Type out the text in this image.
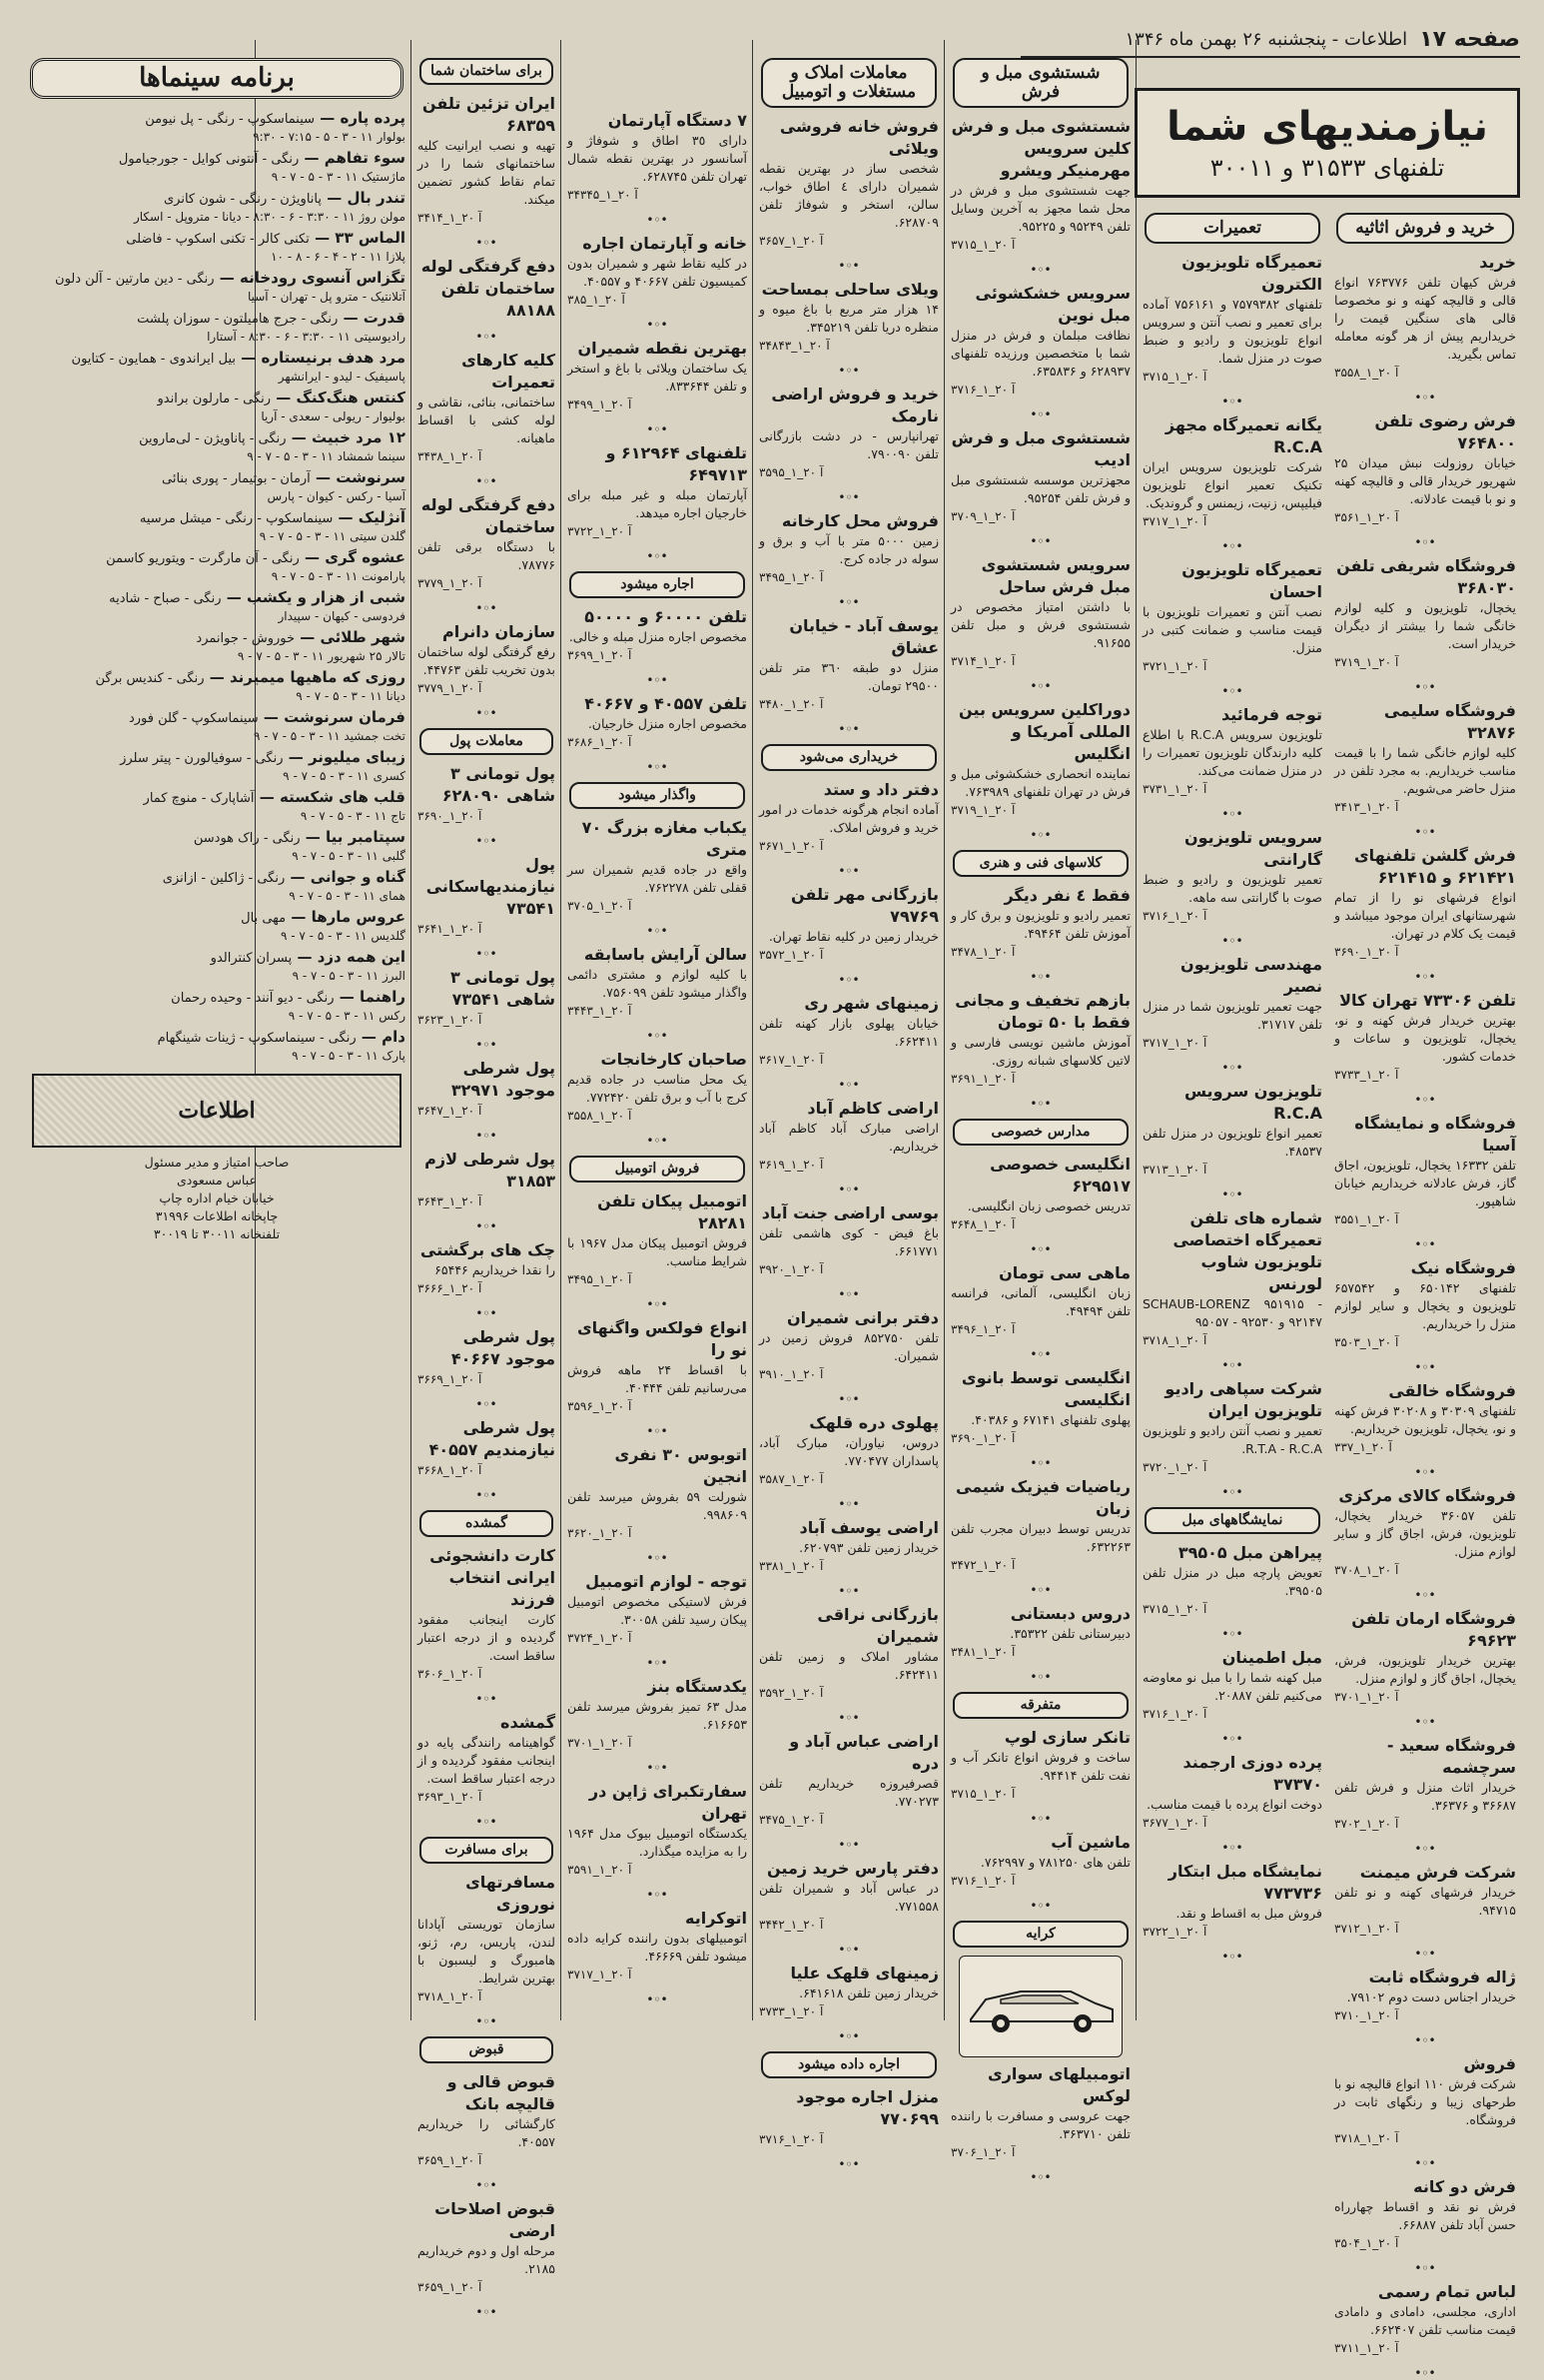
صفحه ۱۷
اطلاعات - پنجشنبه ۲۶ بهمن ماه ۱۳۴۶
نیازمندیهای شما
تلفنهای ۳۱۵۳۳ و ۳۰۰۱۱
خرید و فروش اثاثیه
خرید
فرش کیهان تلفن ۷۶۳۷۷۶ انواع قالی و قالیچه کهنه و نو مخصوصا قالی های سنگین قیمت را خریداریم پیش از هر گونه معامله تماس بگیرید.
۳۵۵۸_آ ۲۰_۱
•◦•
فرش رضوی تلفن ۷۶۴۸۰۰
خیابان روزولت نبش میدان ۲۵ شهریور خریدار قالی و قالیچه کهنه و نو با قیمت عادلانه.
۳۵۶۱_آ ۲۰_۱
•◦•
فروشگاه شریفی تلفن ۳۶۸۰۳۰
یخچال، تلویزیون و کلیه لوازم خانگی شما را بیشتر از دیگران خریدار است.
۳۷۱۹_آ ۲۰_۱
•◦•
فروشگاه سلیمی ۳۲۸۷۶
کلیه لوازم خانگی شما را با قیمت مناسب خریداریم. به مجرد تلفن در منزل حاضر می‌شویم.
۳۴۱۳_آ ۲۰_۱
•◦•
فرش گلشن تلفنهای ۶۲۱۴۲۱ و ۶۲۱۴۱۵
انواع فرشهای نو را از تمام شهرستانهای ایران موجود میباشد و قیمت یک کلام در تهران.
۳۶۹۰_آ ۲۰_۱
•◦•
تلفن ۷۳۳۰۶ تهران کالا
بهترین خریدار فرش کهنه و نو، یخچال، تلویزیون و ساعات و خدمات کشور.
۳۷۳۳_آ ۲۰_۱
•◦•
فروشگاه و نمایشگاه آسیا
تلفن ۱۶۳۳۲ یخچال، تلویزیون، اجاق گاز، فرش عادلانه خریداریم خیابان شاهپور.
۳۵۵۱_آ ۲۰_۱
•◦•
فروشگاه نیک
تلفنهای ۶۵۰۱۴۲ و ۶۵۷۵۴۲ تلویزیون و یخچال و سایر لوازم منزل را خریداریم.
۳۵۰۳_آ ۲۰_۱
•◦•
فروشگاه خالقی
تلفنهای ۳۰۳۰۹ و ۳۰۲۰۸ فرش کهنه و نو، یخچال، تلویزیون خریداریم.
۳۳۷_آ ۲۰_۱
•◦•
فروشگاه کالای مرکزی
تلفن ۳۶۰۵۷ خریدار یخچال، تلویزیون، فرش، اجاق گاز و سایر لوازم منزل.
۳۷۰۸_آ ۲۰_۱
•◦•
فروشگاه ارمان تلفن ۶۹۶۲۳
بهترین خریدار تلویزیون، فرش، یخچال، اجاق گاز و لوازم منزل.
۳۷۰۱_آ ۲۰_۱
•◦•
فروشگاه سعید - سرچشمه
خریدار اثاث منزل و فرش تلفن ۳۶۶۸۷ و ۳۶۳۷۶.
۳۷۰۲_آ ۲۰_۱
•◦•
شرکت فرش میمنت
خریدار فرشهای کهنه و نو تلفن ۹۴۷۱۵.
۳۷۱۲_آ ۲۰_۱
•◦•
ژاله فروشگاه ثابت
خریدار اجناس دست دوم ۷۹۱۰۲.
۳۷۱۰_آ ۲۰_۱
•◦•
فروش
شرکت فرش ۱۱۰ انواع قالیچه نو با طرحهای زیبا و رنگهای ثابت در فروشگاه.
۳۷۱۸_آ ۲۰_۱
•◦•
فرش دو کانه
فرش نو نقد و اقساط چهارراه حسن آباد تلفن ۶۶۸۸۷.
۳۵۰۴_آ ۲۰_۱
•◦•
لباس تمام رسمی
اداری، مجلسی، دامادی و دامادی قیمت مناسب تلفن ۶۶۲۴۰۷.
۳۷۱۱_آ ۲۰_۱
•◦•
تعمیرات
تعمیرگاه تلویزیون الکترون
تلفنهای ۷۵۷۹۳۸۲ و ۷۵۶۱۶۱ آماده برای تعمیر و نصب آنتن و سرویس انواع تلویزیون و رادیو و ضبط صوت در منزل شما.
۳۷۱۵_آ ۲۰_۱
•◦•
یگانه تعمیرگاه مجهز R.C.A
شرکت تلویزیون سرویس ایران تکنیک تعمیر انواع تلویزیون فیلیپس، زنیت، زیمنس و گروندیک.
۳۷۱۷_آ ۲۰_۱
•◦•
تعمیرگاه تلویزیون احسان
نصب آنتن و تعمیرات تلویزیون با قیمت مناسب و ضمانت کتبی در منزل.
۳۷۲۱_آ ۲۰_۱
•◦•
توجه فرمائید
تلویزیون سرویس R.C.A با اطلاع کلیه دارندگان تلویزیون تعمیرات را در منزل ضمانت می‌کند.
۳۷۳۱_آ ۲۰_۱
•◦•
سرویس تلویزیون گارانتی
تعمیر تلویزیون و رادیو و ضبط صوت با گارانتی سه ماهه.
۳۷۱۶_آ ۲۰_۱
•◦•
مهندسی تلویزیون نصیر
جهت تعمیر تلویزیون شما در منزل تلفن ۳۱۷۱۷.
۳۷۱۷_آ ۲۰_۱
•◦•
تلویزیون سرویس R.C.A
تعمیر انواع تلویزیون در منزل تلفن ۴۸۵۳۷.
۳۷۱۳_آ ۲۰_۱
•◦•
شماره های تلفن تعمیرگاه اختصاصی تلویزیون شاوب لورنس
SCHAUB-LORENZ ۹۵۱۹۱۵ - ۹۲۱۴۷ و ۹۲۵۳۰ - ۹۵۰۵۷
۳۷۱۸_آ ۲۰_۱
•◦•
شرکت سپاهی رادیو تلویزیون ایران
تعمیر و نصب آنتن رادیو و تلویزیون R.T.A - R.C.A.
۳۷۲۰_آ ۲۰_۱
•◦•
نمایشگاههای مبل
پیراهن مبل ۳۹۵۰۵
تعویض پارچه مبل در منزل تلفن ۳۹۵۰۵.
۳۷۱۵_آ ۲۰_۱
•◦•
مبل اطمینان
مبل کهنه شما را با مبل نو معاوضه می‌کنیم تلفن ۲۰۸۸۷.
۳۷۱۶_آ ۲۰_۱
•◦•
پرده دوزی ارجمند ۳۷۳۷۰
دوخت انواع پرده با قیمت مناسب.
۳۶۷۷_آ ۲۰_۱
•◦•
نمایشگاه مبل ابتکار ۷۷۳۷۳۶
فروش مبل به اقساط و نقد.
۳۷۲۲_آ ۲۰_۱
•◦•
شستشوی مبل و فرش
شستشوی مبل و فرش کلین سرویس مهرمنیکر ویشرو
جهت شستشوی مبل و فرش در محل شما مجهز به آخرین وسایل تلفن ۹۵۲۴۹ و ۹۵۲۲۵.
۳۷۱۵_آ ۲۰_۱
•◦•
سرویس خشکشوئی مبل نوین
نظافت مبلمان و فرش در منزل شما با متخصصین ورزیده تلفنهای ۶۲۸۹۳۷ و ۶۳۵۸۳۶.
۳۷۱۶_آ ۲۰_۱
•◦•
شستشوی مبل و فرش ادیب
مجهزترین موسسه شستشوی مبل و فرش تلفن ۹۵۲۵۴.
۳۷۰۹_آ ۲۰_۱
•◦•
سرویس شستشوی مبل فرش ساحل
با داشتن امتیاز مخصوص در شستشوی فرش و مبل تلفن ۹۱۶۵۵.
۳۷۱۴_آ ۲۰_۱
•◦•
دوراکلین سرویس بین المللی آمریکا و انگلیس
نماینده انحصاری خشکشوئی مبل و فرش در تهران تلفنهای ۷۶۳۹۸۹.
۳۷۱۹_آ ۲۰_۱
•◦•
کلاسهای فنی و هنری
فقط ٤ نفر دیگر
تعمیر رادیو و تلویزیون و برق کار و آموزش تلفن ۴۹۴۶۴.
۳۴۷۸_آ ۲۰_۱
•◦•
بازهم تخفیف و مجانی فقط با ۵۰ تومان
آموزش ماشین نویسی فارسی و لاتین کلاسهای شبانه روزی.
۳۶۹۱_آ ۲۰_۱
•◦•
مدارس خصوصی
انگلیسی خصوصی ۶۲۹۵۱۷
تدریس خصوصی زبان انگلیسی.
۳۶۴۸_آ ۲۰_۱
•◦•
ماهی سی تومان
زبان انگلیسی، آلمانی، فرانسه تلفن ۴۹۴۹۴.
۳۴۹۶_آ ۲۰_۱
•◦•
انگلیسی توسط بانوی انگلیسی
پهلوی تلفنهای ۶۷۱۴۱ و ۴۰۳۸۶.
۳۶۹۰_آ ۲۰_۱
•◦•
ریاضیات فیزیک شیمی زبان
تدریس توسط دبیران مجرب تلفن ۶۳۲۲۶۳.
۳۴۷۲_آ ۲۰_۱
•◦•
دروس دبستانی
دبیرستانی تلفن ۳۵۳۲۲.
۳۴۸۱_آ ۲۰_۱
•◦•
متفرقه
تانکر سازی لوپ
ساخت و فروش انواع تانکر آب و نفت تلفن ۹۴۴۱۴.
۳۷۱۵_آ ۲۰_۱
•◦•
ماشین آب
تلفن های ۷۸۱۲۵۰ و ۷۶۲۹۹۷.
۳۷۱۶_آ ۲۰_۱
•◦•
کرایه
اتومبیلهای سواری لوکس
جهت عروسی و مسافرت با راننده تلفن ۳۶۳۷۱۰.
۳۷۰۶_آ ۲۰_۱
•◦•
معاملات املاک و مستغلات و اتومبیل
فروش خانه فروشی ویلائی
شخصی ساز در بهترین نقطه شمیران دارای ٤ اطاق خواب، سالن، استخر و شوفاژ تلفن ۶۲۸۷۰۹.
۳۶۵۷_آ ۲۰_۱
•◦•
ویلای ساحلی بمساحت
١۴ هزار متر مربع با باغ میوه و منظره دریا تلفن ۳۴۵۲۱۹.
۳۴۸۴۳_آ ۲۰_۱
•◦•
خرید و فروش اراضی نارمک
تهرانپارس - در دشت بازرگانی تلفن ۷۹۰۰۹۰.
۳۵۹۵_آ ۲۰_۱
•◦•
فروش محل کارخانه
زمین ۵۰۰۰ متر با آب و برق و سوله در جاده کرج.
۳۴۹۵_آ ۲۰_۱
•◦•
یوسف آباد - خیابان عشاق
منزل دو طبقه ٣٦٠ متر تلفن ۲۹۵۰۰ تومان.
۳۴۸۰_آ ۲۰_۱
•◦•
خریداری می‌شود
دفتر داد و ستد
آماده انجام هرگونه خدمات در امور خرید و فروش املاک.
۳۶۷۱_آ ۲۰_۱
•◦•
بازرگانی مهر تلفن ۷۹۷۶۹
خریدار زمین در کلیه نقاط تهران.
۳۵۷۲_آ ۲۰_۱
•◦•
زمینهای شهر ری
خیابان پهلوی بازار کهنه تلفن ۶۶۲۴۱۱.
۳۶۱۷_آ ۲۰_۱
•◦•
اراضی کاظم آباد
اراضی مبارک آباد کاظم آباد خریداریم.
۳۶۱۹_آ ۲۰_۱
•◦•
بوسی اراضی جنت آباد
باغ فیض - کوی هاشمی تلفن ۶۶۱۷۷۱.
۳۹۲۰_آ ۲۰_۱
•◦•
دفتر برانی شمیران
تلفن ۸۵۲۷۵۰ فروش زمین در شمیران.
۳۹۱۰_آ ۲۰_۱
•◦•
پهلوی دره قلهک
دروس، نیاوران، مبارک آباد، پاسداران ۷۷۰۴۷۷.
۳۵۸۷_آ ۲۰_۱
•◦•
اراضی یوسف آباد
خریدار زمین تلفن ۶۲۰۷۹۳.
۳۳۸۱_آ ۲۰_۱
•◦•
بازرگانی نراقی شمیران
مشاور املاک و زمین تلفن ۶۴۲۴۱۱.
۳۵۹۲_آ ۲۰_۱
•◦•
اراضی عباس آباد و دره
قصرفیروزه خریداریم تلفن ۷۷۰۲۷۳.
۳۴۷۵_آ ۲۰_۱
•◦•
دفتر پارس خرید زمین
در عباس آباد و شمیران تلفن ۷۷۱۵۵۸.
۳۴۴۲_آ ۲۰_۱
•◦•
زمینهای قلهک علیا
خریدار زمین تلفن ۶۴۱۶۱۸.
۳۷۳۳_آ ۲۰_۱
•◦•
اجاره داده میشود
منزل اجاره موجود ۷۷۰۶۹۹
۳۷۱۶_آ ۲۰_۱
•◦•
۷ دستگاه آپارتمان
دارای ٣٥ اطاق و شوفاژ و آسانسور در بهترین نقطه شمال تهران تلفن ۶۲۸۷۴۵.
۳۴۳۴۵_آ ۲۰_۱
•◦•
خانه و آپارتمان اجاره
در کلیه نقاط شهر و شمیران بدون کمیسیون تلفن ۴۰۶۶۷ و ۴۰۵۵۷.
۳۸۵_آ ۲۰_۱
•◦•
بهترین نقطه شمیران
یک ساختمان ویلائی با باغ و استخر و تلفن ۸۳۳۶۴۴.
۳۴۹۹_آ ۲۰_۱
•◦•
تلفنهای ۶۱۲۹۶۴ و ۶۴۹۷۱۳
آپارتمان مبله و غیر مبله برای خارجیان اجاره میدهد.
۳۷۲۲_آ ۲۰_۱
•◦•
اجاره میشود
تلفن ۶۰۰۰۰ و ۵۰۰۰۰
مخصوص اجاره منزل مبله و خالی.
۳۶۹۹_آ ۲۰_۱
•◦•
تلفن ۴۰۵۵۷ و ۴۰۶۶۷
مخصوص اجاره منزل خارجیان.
۳۶۸۶_آ ۲۰_۱
•◦•
واگذار میشود
یکباب مغازه بزرگ ۷۰ متری
واقع در جاده قدیم شمیران سر قفلی تلفن ۷۶۲۲۷۸.
۳۷۰۵_آ ۲۰_۱
•◦•
سالن آرایش باسابقه
با کلیه لوازم و مشتری دائمی واگذار میشود تلفن ۷۵۶۰۹۹.
۳۴۴۳_آ ۲۰_۱
•◦•
صاحبان کارخانجات
یک محل مناسب در جاده قدیم کرج با آب و برق تلفن ۷۷۲۴۲۰.
۳۵۵۸_آ ۲۰_۱
•◦•
فروش اتومبیل
اتومبیل پیکان تلفن ۲۸۲۸۱
فروش اتومبیل پیکان مدل ۱۹۶۷ با شرایط مناسب.
۳۴۹۵_آ ۲۰_۱
•◦•
انواع فولکس واگنهای نو را
با اقساط ۲۴ ماهه فروش می‌رسانیم تلفن ۴۰۴۴۴.
۳۵۹۶_آ ۲۰_۱
•◦•
اتوبوس ۳۰ نفری انجین
شورلت ۵۹ بفروش میرسد تلفن ۹۹۸۶۰۹.
۳۶۲۰_آ ۲۰_۱
•◦•
توجه - لوازم اتومبیل
فرش لاستیکی مخصوص اتومبیل پیکان رسید تلفن ۳۰۰۵۸.
۳۷۲۴_آ ۲۰_۱
•◦•
یکدستگاه بنز
مدل ۶۳ تمیز بفروش میرسد تلفن ۶۱۶۶۵۳.
۳۷۰۱_آ ۲۰_۱
•◦•
سفارتکبرای ژاپن در تهران
یکدستگاه اتومبیل بیوک مدل ۱۹۶۴ را به مزایده میگذارد.
۳۵۹۱_آ ۲۰_۱
•◦•
اتوکرایه
اتومبیلهای بدون راننده کرایه داده میشود تلفن ۴۶۶۶۹.
۳۷۱۷_آ ۲۰_۱
•◦•
برای ساختمان شما
ایران تزئین تلفن ۶۸۳۵۹
تهیه و نصب ایرانیت کلیه ساختمانهای شما را در تمام نقاط کشور تضمین میکند.
۳۴۱۴_آ ۲۰_۱
•◦•
دفع گرفتگی لوله ساختمان تلفن ۸۸۱۸۸
•◦•
کلیه کارهای تعمیرات
ساختمانی، بنائی، نقاشی و لوله کشی با اقساط ماهیانه.
۳۴۳۸_آ ۲۰_۱
•◦•
دفع گرفتگی لوله ساختمان
با دستگاه برقی تلفن ۷۸۷۷۶.
۳۷۷۹_آ ۲۰_۱
•◦•
سازمان دانرام
رفع گرفتگی لوله ساختمان بدون تخریب تلفن ۴۴۷۶۳.
۳۷۷۹_آ ۲۰_۱
•◦•
معاملات پول
پول تومانی ٣ شاهی ۶۲۸۰۹۰
۳۶۹۰_آ ۲۰_۱
•◦•
پول نیازمندیهاسکانی ۷۳۵۴۱
۳۶۴۱_آ ۲۰_۱
•◦•
پول تومانی ٣ شاهی ۷۳۵۴۱
۳۶۲۳_آ ۲۰_۱
•◦•
پول شرطی موجود ۳۲۹۷۱
۳۶۴۷_آ ۲۰_۱
•◦•
پول شرطی لازم ۳۱۸۵۳
۳۶۴۳_آ ۲۰_۱
•◦•
چک های برگشتی
را نقدا خریداریم ۶۵۴۴۶
۳۶۶۶_آ ۲۰_۱
•◦•
پول شرطی موجود ۴۰۶۶۷
۳۶۶۹_آ ۲۰_۱
•◦•
پول شرطی نیازمندیم ۴۰۵۵۷
۳۶۶۸_آ ۲۰_۱
•◦•
گمشده
کارت دانشجوئی ایرانی انتخاب فرزند
کارت اینجانب مفقود گردیده و از درجه اعتبار ساقط است.
۳۶۰۶_آ ۲۰_۱
•◦•
گمشده
گواهینامه رانندگی پایه دو اینجانب مفقود گردیده و از درجه اعتبار ساقط است.
۳۶۹۳_آ ۲۰_۱
•◦•
برای مسافرت
مسافرتهای نوروزی
سازمان توریستی آپادانا لندن، پاریس، رم، ژنو، هامبورگ و لیسبون با بهترین شرایط.
۳۷۱۸_آ ۲۰_۱
•◦•
قبوض
قبوض قالی و قالیچه بانک
کارگشائی را خریداریم ۴۰۵۵۷.
۳۶۵۹_آ ۲۰_۱
•◦•
قبوض اصلاحات ارضی
مرحله اول و دوم خریداریم ۲۱۸۵.
۳۶۵۹_آ ۲۰_۱
•◦•
برنامه سینماها
پرده پاره — سینماسکوپ - رنگی - پل نیومن
بولوار ۱۱ - ۳ - ۵ - ۷:۱۵ - ۹:۳۰
سوء تفاهم — رنگی - آنتونی کوایل - جورجیامول
ماژستیک ۱۱ - ۳ - ۵ - ۷ - ۹
تندر بال — پاناویژن - رنگی - شون کانری
مولن روژ ۱۱ - ۳:۳۰ - ۶ - ۸:۳۰ - دیانا - متروپل - اسکار
الماس ۳۳ — تکنی کالر - تکنی اسکوپ - فاضلی
پلازا ۱۱ - ۲ - ۴ - ۶ - ۸ - ۱۰
تگزاس آنسوی رودخانه — رنگی - دین مارتین - آلن دلون
آتلانتیک - مترو پل - تهران - آسیا
قدرت — رنگی - جرج هامیلتون - سوزان پلشت
رادیوسیتی ۱۱ - ۳:۳۰ - ۶ - ۸:۳۰ - آستارا
مرد هدف برنیستاره — بیل ایراندوی - همایون - کتایون
پاسیفیک - لیدو - ایرانشهر
کنتس هنگ‌کنگ — رنگی - مارلون براندو
بولیوار - ریولی - سعدی - آریا
۱۲ مرد خبیث — رنگی - پاناویژن - لی‌ماروین
سینما شمشاد ۱۱ - ۳ - ۵ - ۷ - ۹
سرنوشت — آرمان - بوتیمار - پوری بنائی
آسیا - رکس - کیوان - پارس
آنژلیک — سینماسکوپ - رنگی - میشل مرسیه
گلدن سیتی ۱۱ - ۳ - ۵ - ۷ - ۹
عشوه گری — رنگی - آن مارگرت - ویتوریو کاسمن
پارامونت ۱۱ - ۳ - ۵ - ۷ - ۹
شبی از هزار و یکشب — رنگی - صباح - شادیه
فردوسی - کیهان - سپیدار
شهر طلائی — خوروش - جوانمرد
تالار ۲۵ شهریور ۱۱ - ۳ - ۵ - ۷ - ۹
روزی که ماهیها میمیرند — رنگی - کندیس برگن
دیانا ۱۱ - ۳ - ۵ - ۷ - ۹
فرمان سرنوشت — سینماسکوپ - گلن فورد
تخت جمشید ۱۱ - ۳ - ۵ - ۷ - ۹
زیبای میلیونر — رنگی - سوفیالورن - پیتر سلرز
کسری ۱۱ - ۳ - ۵ - ۷ - ۹
قلب های شکسته — آشاپارک - منوچ کمار
تاج ۱۱ - ۳ - ۵ - ۷ - ۹
سپتامبر بیا — رنگی - راک هودسن
گلبی ۱۱ - ۳ - ۵ - ۷ - ۹
گناه و جوانی — رنگی - ژاکلین - ازانزی
همای ۱۱ - ۳ - ۵ - ۷ - ۹
عروس مارها — مهی بال
گلدیس ۱۱ - ۳ - ۵ - ۷ - ۹
این همه دزد — پسران کنترالدو
البرز ۱۱ - ۳ - ۵ - ۷ - ۹
راهنما — رنگی - دیو آنند - وحیده رحمان
رکس ۱۱ - ۳ - ۵ - ۷ - ۹
دام — رنگی - سینماسکوپ - ژینات شینگهام
پارک ۱۱ - ۳ - ۵ - ۷ - ۹
اطلاعات
صاحب امتیاز و مدیر مسئول
عباس مسعودی
خیابان خیام اداره چاپ
چاپخانه اطلاعات ۳۱۹۹۶
تلفنخانه ۳۰۰۱۱ تا ۳۰۰۱۹
